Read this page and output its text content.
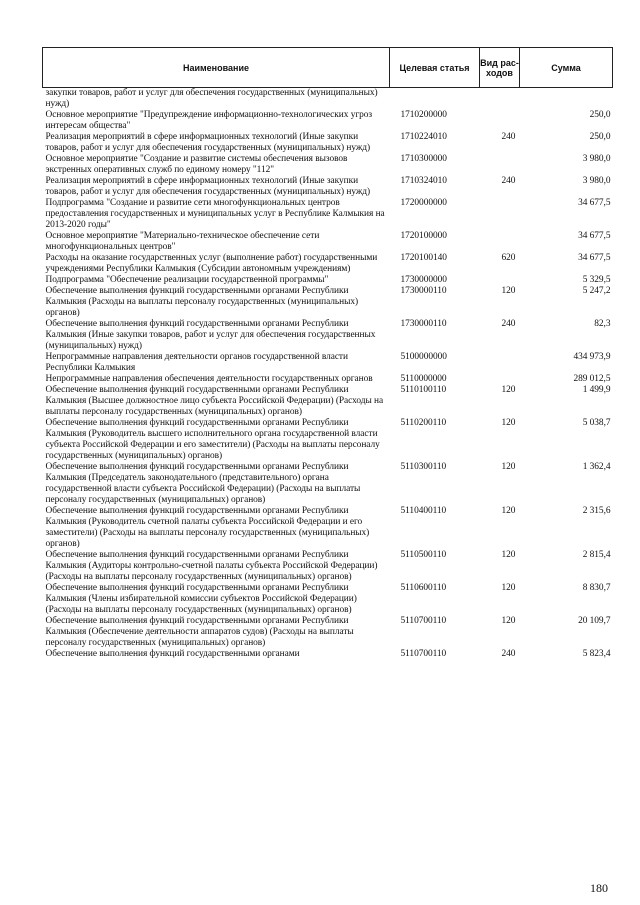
Наименование	Целевая статья	Вид рас-ходов	Сумма
закупки товаров, работ и услуг для обеспечения государственных (муниципальных) нужд)			
Основное мероприятие "Предупреждение информационно-технологических угроз интересам общества"	1710200000		250,0
Реализация мероприятий в сфере информационных технологий (Иные закупки товаров, работ и услуг для обеспечения государственных (муниципальных) нужд)	1710224010	240	250,0
Основное мероприятие "Создание и развитие системы обеспечения вызовов экстренных оперативных служб по единому номеру "112"	1710300000		3 980,0
Реализация мероприятий в сфере информационных технологий (Иные закупки товаров, работ и услуг для обеспечения государственных (муниципальных) нужд)	1710324010	240	3 980,0
Подпрограмма "Создание и развитие сети многофункциональных центров предоставления государственных и муниципальных услуг в Республике Калмыкия на 2013-2020 годы"	1720000000		34 677,5
Основное мероприятие "Материально-техническое обеспечение сети многофункциональных центров"	1720100000		34 677,5
Расходы на оказание государственных услуг (выполнение работ) государственными учреждениями Республики Калмыкия (Субсидии автономным учреждениям)	1720100140	620	34 677,5
Подпрограмма "Обеспечение реализации государственной программы"	1730000000		5 329,5
Обеспечение выполнения функций государственными органами Республики Калмыкия (Расходы на выплаты персоналу государственных (муниципальных) органов)	1730000110	120	5 247,2
Обеспечение выполнения функций государственными органами Республики Калмыкия (Иные закупки товаров, работ и услуг для обеспечения государственных (муниципальных) нужд)	1730000110	240	82,3
Непрограммные направления деятельности органов государственной власти Республики Калмыкия	5100000000		434 973,9
Непрограммные направления обеспечения деятельности государственных органов	5110000000		289 012,5
Обеспечение выполнения функций государственными органами Республики Калмыкия (Высшее должностное лицо субъекта Российской Федерации) (Расходы на выплаты персоналу государственных (муниципальных) органов)	5110100110	120	1 499,9
Обеспечение выполнения функций государственными органами Республики Калмыкия (Руководитель высшего исполнительного органа государственной власти субъекта Российской Федерации и его заместители) (Расходы на выплаты персоналу государственных (муниципальных) органов)	5110200110	120	5 038,7
Обеспечение выполнения функций государственными органами Республики Калмыкия (Председатель законодательного (представительного) органа государственной власти субъекта Российской Федерации) (Расходы на выплаты персоналу государственных (муниципальных) органов)	5110300110	120	1 362,4
Обеспечение выполнения функций государственными органами Республики Калмыкия (Руководитель счетной палаты субъекта Российской Федерации и его заместители) (Расходы на выплаты персоналу государственных (муниципальных) органов)	5110400110	120	2 315,6
Обеспечение выполнения функций государственными органами Республики Калмыкия (Аудиторы контрольно-счетной палаты субъекта Российской Федерации) (Расходы на выплаты персоналу государственных (муниципальных) органов)	5110500110	120	2 815,4
Обеспечение выполнения функций государственными органами Республики Калмыкия (Члены избирательной комиссии субъектов Российской Федерации) (Расходы на выплаты персоналу государственных (муниципальных) органов)	5110600110	120	8 830,7
Обеспечение выполнения функций государственными органами Республики Калмыкия (Обеспечение деятельности аппаратов судов) (Расходы на выплаты персоналу государственных (муниципальных) органов)	5110700110	120	20 109,7
Обеспечение выполнения функций государственными органами	5110700110	240	5 823,4
180
